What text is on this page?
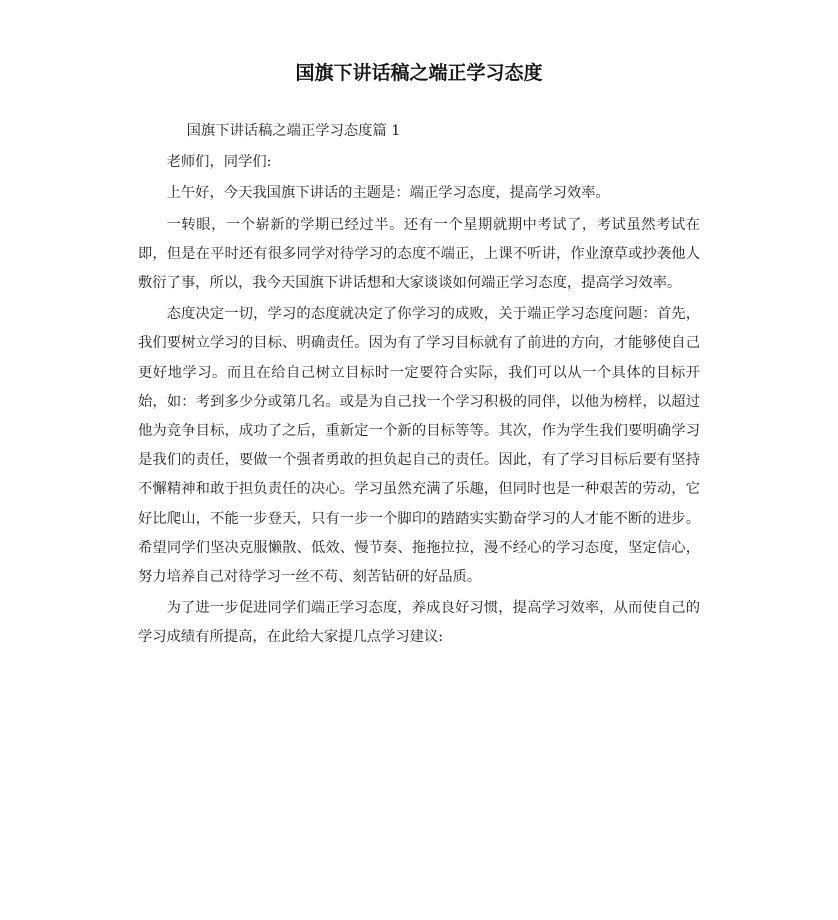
国旗下讲话稿之端正学习态度

国旗下讲话稿之端正学习态度篇 1

老师们，同学们:

上午好，今天我国旗下讲话的主题是：端正学习态度，提高学习效率。

一转眼，一个崭新的学期已经过半。还有一个星期就期中考试了，考试虽然考试在即，但是在平时还有很多同学对待学习的态度不端正，上课不听讲，作业潦草或抄袭他人敷衍了事，所以，我今天国旗下讲话想和大家谈谈如何端正学习态度，提高学习效率。

态度决定一切，学习的态度就决定了你学习的成败，关于端正学习态度问题：首先，我们要树立学习的目标、明确责任。因为有了学习目标就有了前进的方向，才能够使自己更好地学习。而且在给自己树立目标时一定要符合实际，我们可以从一个具体的目标开始，如：考到多少分或第几名。或是为自己找一个学习积极的同伴，以他为榜样，以超过他为竞争目标，成功了之后，重新定一个新的目标等等。其次，作为学生我们要明确学习是我们的责任，要做一个强者勇敢的担负起自己的责任。因此，有了学习目标后要有坚持不懈精神和敢于担负责任的决心。学习虽然充满了乐趣，但同时也是一种艰苦的劳动，它好比爬山，不能一步登天，只有一步一个脚印的踏踏实实勤奋学习的人才能不断的进步。希望同学们坚决克服懒散、低效、慢节奏、拖拖拉拉，漫不经心的学习态度，坚定信心，努力培养自己对待学习一丝不苟、刻苦钻研的好品质。

为了进一步促进同学们端正学习态度，养成良好习惯，提高学习效率，从而使自己的学习成绩有所提高，在此给大家提几点学习建议:
